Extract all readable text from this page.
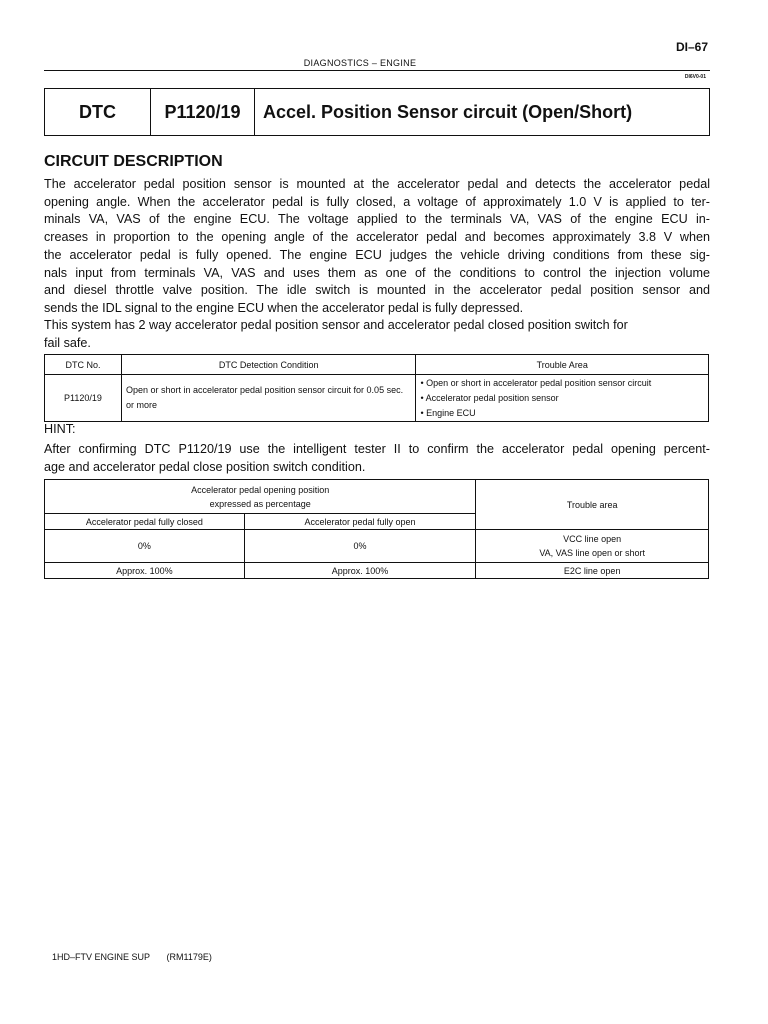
DI–67
DIAGNOSTICS – ENGINE
DI6V0-01
DTC	P1120/19	Accel. Position Sensor circuit (Open/Short)
CIRCUIT DESCRIPTION
The accelerator pedal position sensor is mounted at the accelerator pedal and detects the accelerator pedal
opening angle. When the accelerator pedal is fully closed, a voltage of approximately 1.0 V is applied to ter-
minals VA, VAS of the engine ECU. The voltage applied to the terminals VA, VAS of the engine ECU in-
creases in proportion to the opening angle of the accelerator pedal and becomes approximately 3.8 V when
the accelerator pedal is fully opened. The engine ECU judges the vehicle driving conditions from these sig-
nals input from terminals VA, VAS and uses them as one of the conditions to control the injection volume
and diesel throttle valve position. The idle switch is mounted in the accelerator pedal position sensor and
sends the IDL signal to the engine ECU when the accelerator pedal is fully depressed.
This system has 2 way accelerator pedal position sensor and accelerator pedal closed position switch for
fail safe.
DTC No.	DTC Detection Condition	Trouble Area
P1120/19	Open or short in accelerator pedal position sensor circuit for 0.05 sec. or more	• Open or short in accelerator pedal position sensor circuit
• Accelerator pedal position sensor
• Engine ECU
HINT:
After confirming DTC P1120/19 use the intelligent tester II to confirm the accelerator pedal opening percent-
age and accelerator pedal close position switch condition.
Accelerator pedal opening position
expressed as percentage		Trouble area
Accelerator pedal fully closed	Accelerator pedal fully open	
0%	0%	VCC line open
VA, VAS line open or short

Approx. 100%	Approx. 100%	E2C line open
1HD–FTV ENGINE SUP (RM1179E)
